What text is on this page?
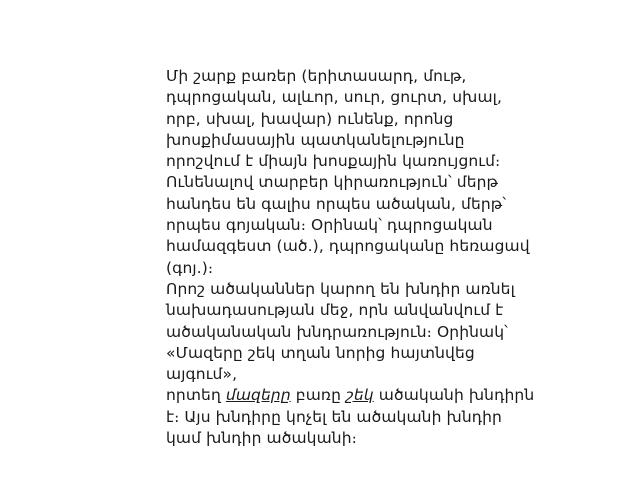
Մի շարք բառեր (երիտասարդ, մութ, դպրոցական, ալևոր, սուր, ցուրտ, սխալ, որբ, սխալ, խավար) ունենք, որոնց խոսքիմասային պատկանելությունը որոշվում է միայն խոսքային կառույցում։ Ունենալով տարբեր կիրառություն՝ մերթ հանդես են գալիս որպես ածական, մերթ՝ որպես գոյական։ Օրինակ՝ դպրոցական համազգեստ (ած.), դպրոցականը հեռացավ (գոյ.)։
Որոշ ածականներ կարող են խնդիր առնել նախադասության մեջ, որն անվանվում է ածականական խնդրառություն։ Օրինակ՝ «Մազերը շեկ տղան նորից հայտնվեց այգում»,
որտեղ մազերը բառը շեկ ածականի խնդիրն է։ Այս խնդիրը կոչել են ածականի խնդիր կամ խնդիր ածականի։
